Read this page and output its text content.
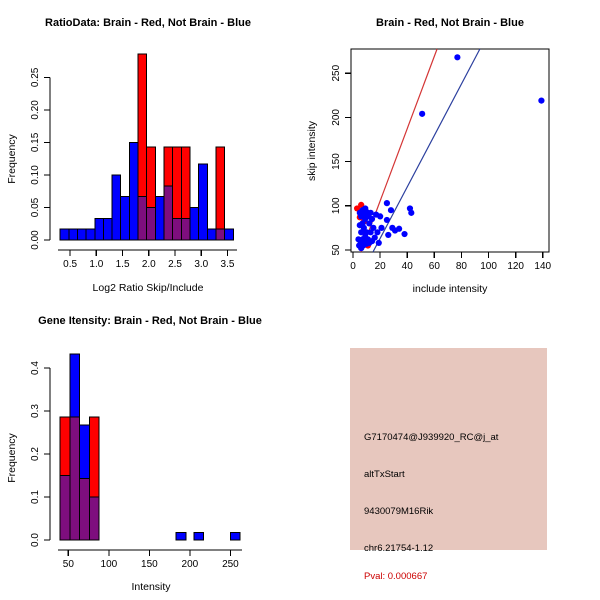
RatioData: Brain - Red, Not Brain - Blue
Log2 Ratio Skip/Include
Frequency
0.00
0.05
0.10
0.15
0.20
0.25
0.5 1.0 1.5 2.0 2.5 3.0 3.5
Brain - Red, Not Brain - Blue
include intensity
skip intensity
0 20 40 60 80 100 120 140
50
100
150
200
250
Gene Itensity: Brain - Red, Not Brain - Blue
Intensity
Frequency
0.0
0.1
0.2
0.3
0.4
50	100 150 200 250
G7170474@J939920_RC@j_at
altTxStart
9430079M16Rik
chr6.21754-1.12
Pval: 0.000667
